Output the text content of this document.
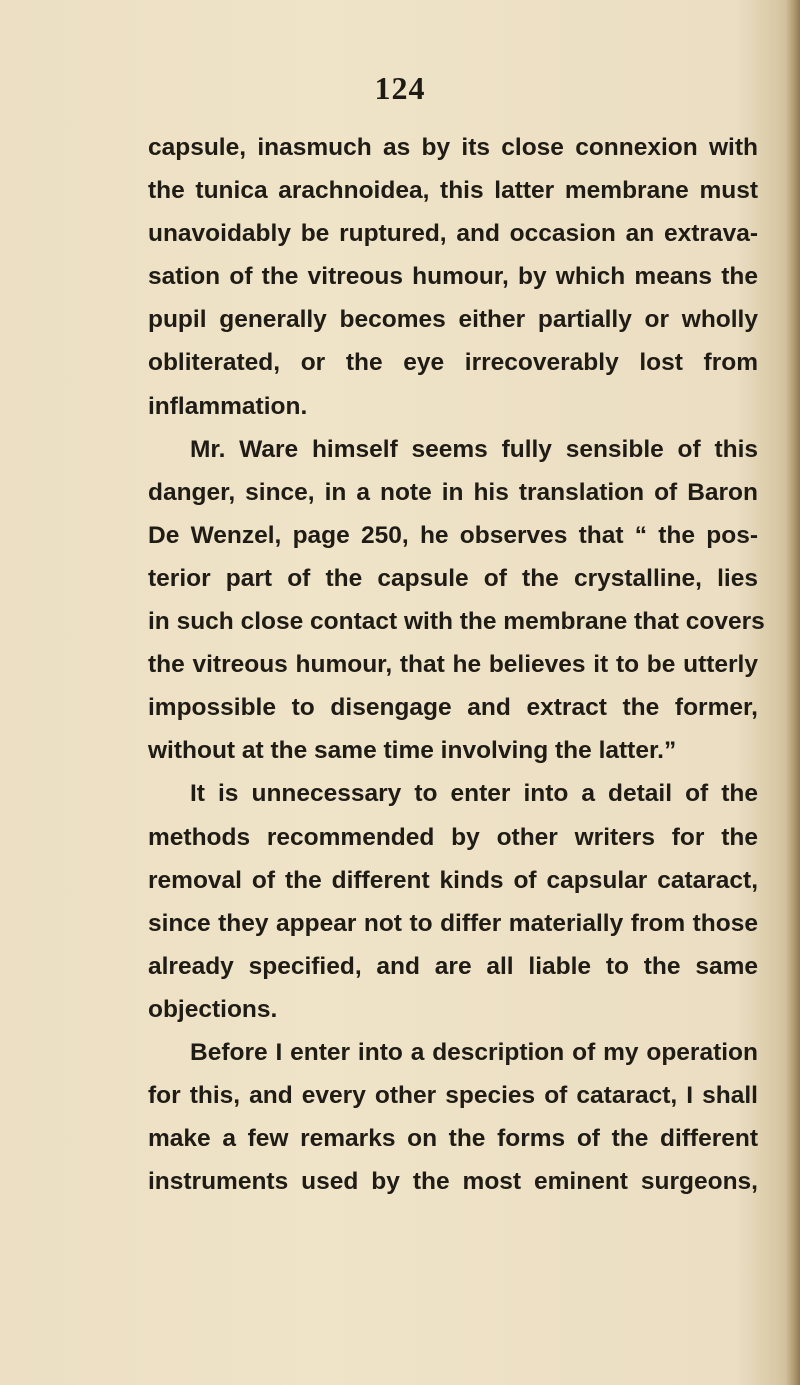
124
capsule, inasmuch as by its close connexion with
the tunica arachnoidea, this latter membrane must
unavoidably be ruptured, and occasion an extrava-
sation of the vitreous humour, by which means the
pupil generally becomes either partially or wholly
obliterated, or the eye irrecoverably lost from
inflammation.
Mr. Ware himself seems fully sensible of this
danger, since, in a note in his translation of Baron
De Wenzel, page 250, he observes that “ the pos-
terior part of the capsule of the crystalline, lies
in such close contact with the membrane that covers
the vitreous humour, that he believes it to be utterly
impossible to disengage and extract the former,
without at the same time involving the latter.”
It is unnecessary to enter into a detail of the
methods recommended by other writers for the
removal of the different kinds of capsular cataract,
since they appear not to differ materially from those
already specified, and are all liable to the same
objections.
Before I enter into a description of my operation
for this, and every other species of cataract, I shall
make a few remarks on the forms of the different
instruments used by the most eminent surgeons,
